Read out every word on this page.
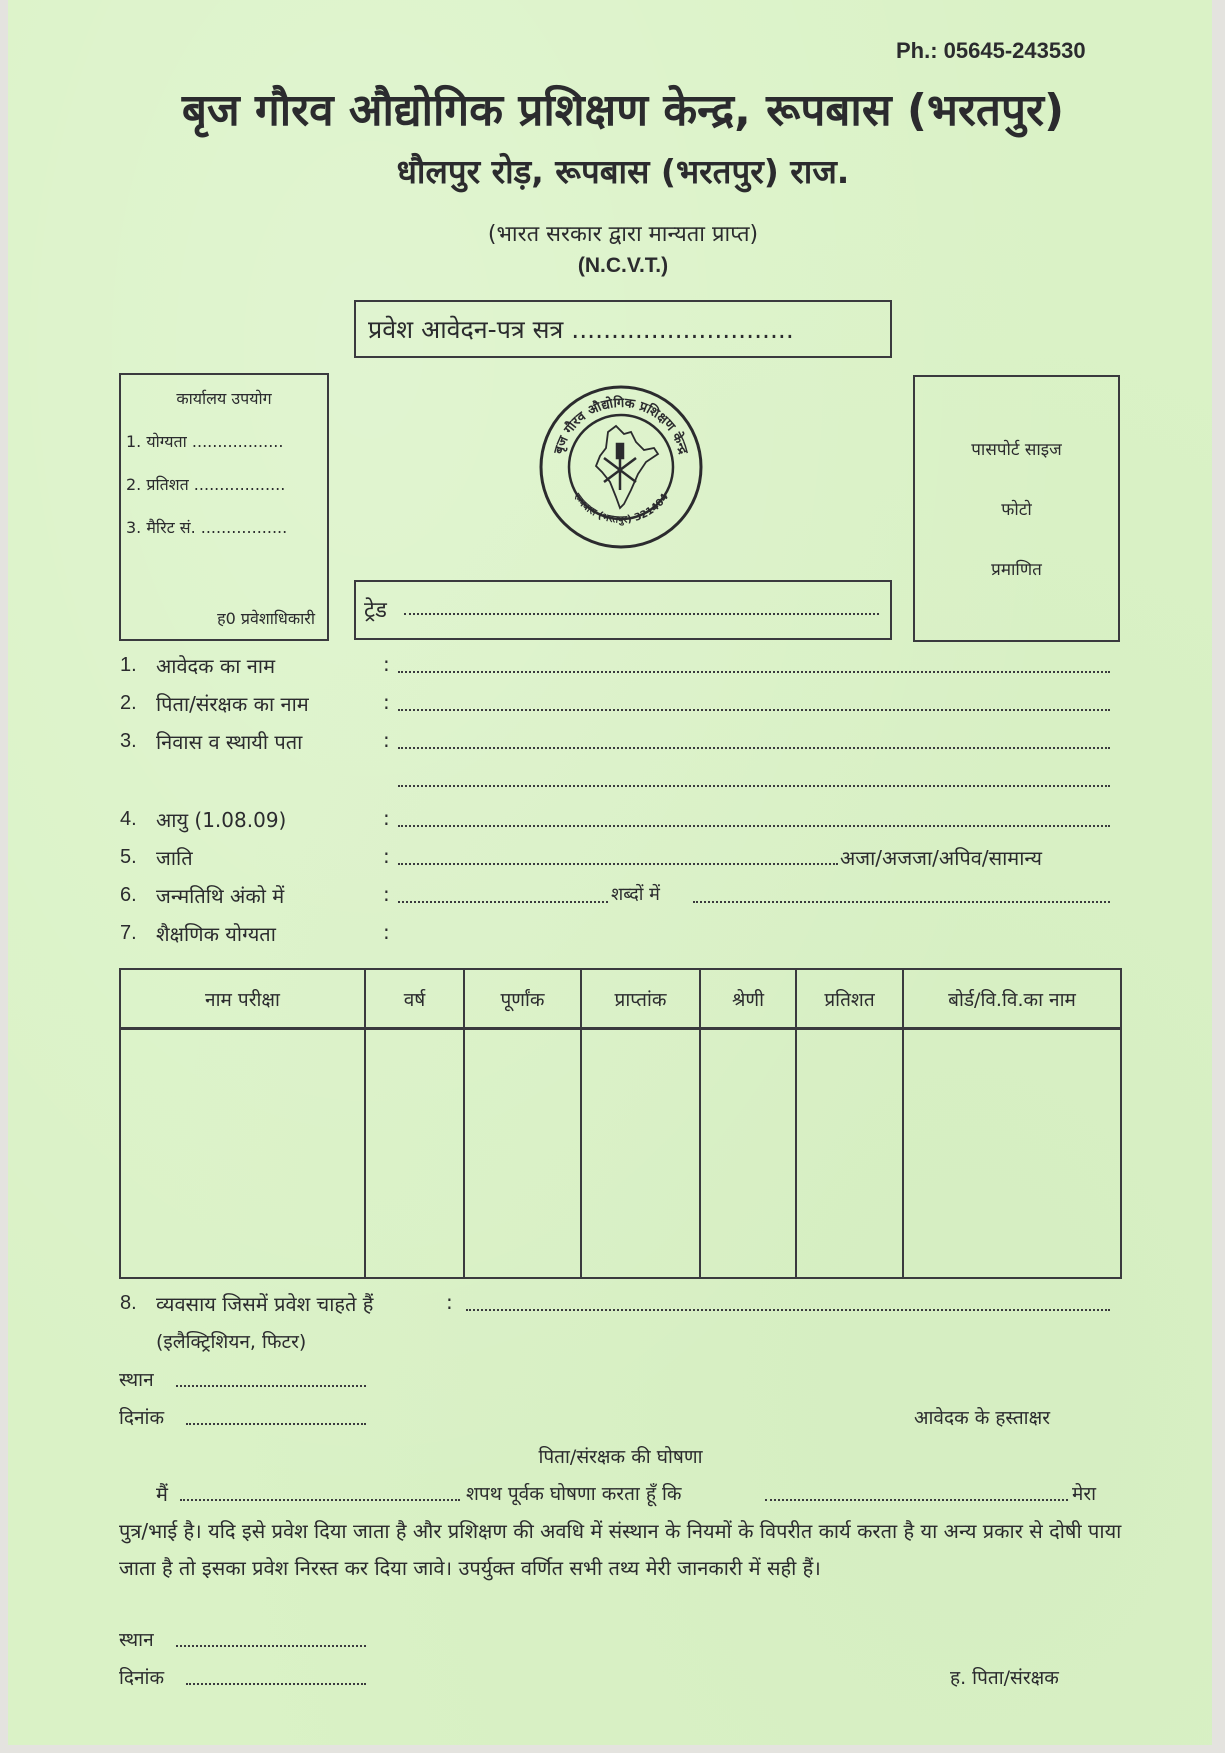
Ph.: 05645-243530
बृज गौरव औद्योगिक प्रशिक्षण केन्द्र, रूपबास (भरतपुर)
धौलपुर रोड़, रूपबास (भरतपुर) राज.
(भारत सरकार द्वारा मान्यता प्राप्त)
(N.C.V.T.)
प्रवेश आवेदन-पत्र सत्र ............................
कार्यालय उपयोग
1. योग्यता ..................
2. प्रतिशत ..................
3. मैरिट सं. .................
ह0 प्रवेशाधिकारी
बृज गौरव औद्योगिक प्रशिक्षण केन्द्र
रूपबास (भरतपुर) 321404
पासपोर्ट साइज
फोटो
प्रमाणित
ट्रेड
1. आवेदक का नाम	:
2. पिता/संरक्षक का नाम	:
3. निवास व स्थायी पता	:
4. आयु (1.08.09)	:
5. जाति	:	अजा/अजजा/अपिव/सामान्य
6. जन्मतिथि अंको में	:	शब्दों में
7. शैक्षणिक योग्यता	:
नाम परीक्षा	वर्ष	पूर्णांक	प्राप्तांक	श्रेणी	प्रतिशत	बोर्ड/वि.वि.का नाम

8. व्यवसाय जिसमें प्रवेश चाहते हैं	:
(इलैक्ट्रिशियन, फिटर)
स्थान
दिनांक	आवेदक के हस्ताक्षर
पिता/संरक्षक की घोषणा
मैं	शपथ पूर्वक घोषणा करता हूँ कि	मेरा
पुत्र/भाई है। यदि इसे प्रवेश दिया जाता है और प्रशिक्षण की अवधि में संस्थान के नियमों के विपरीत कार्य करता है या अन्य प्रकार से दोषी पाया जाता है तो इसका प्रवेश निरस्त कर दिया जावे। उपर्युक्त वर्णित सभी तथ्य मेरी जानकारी में सही हैं।
स्थान
दिनांक	ह. पिता/संरक्षक
